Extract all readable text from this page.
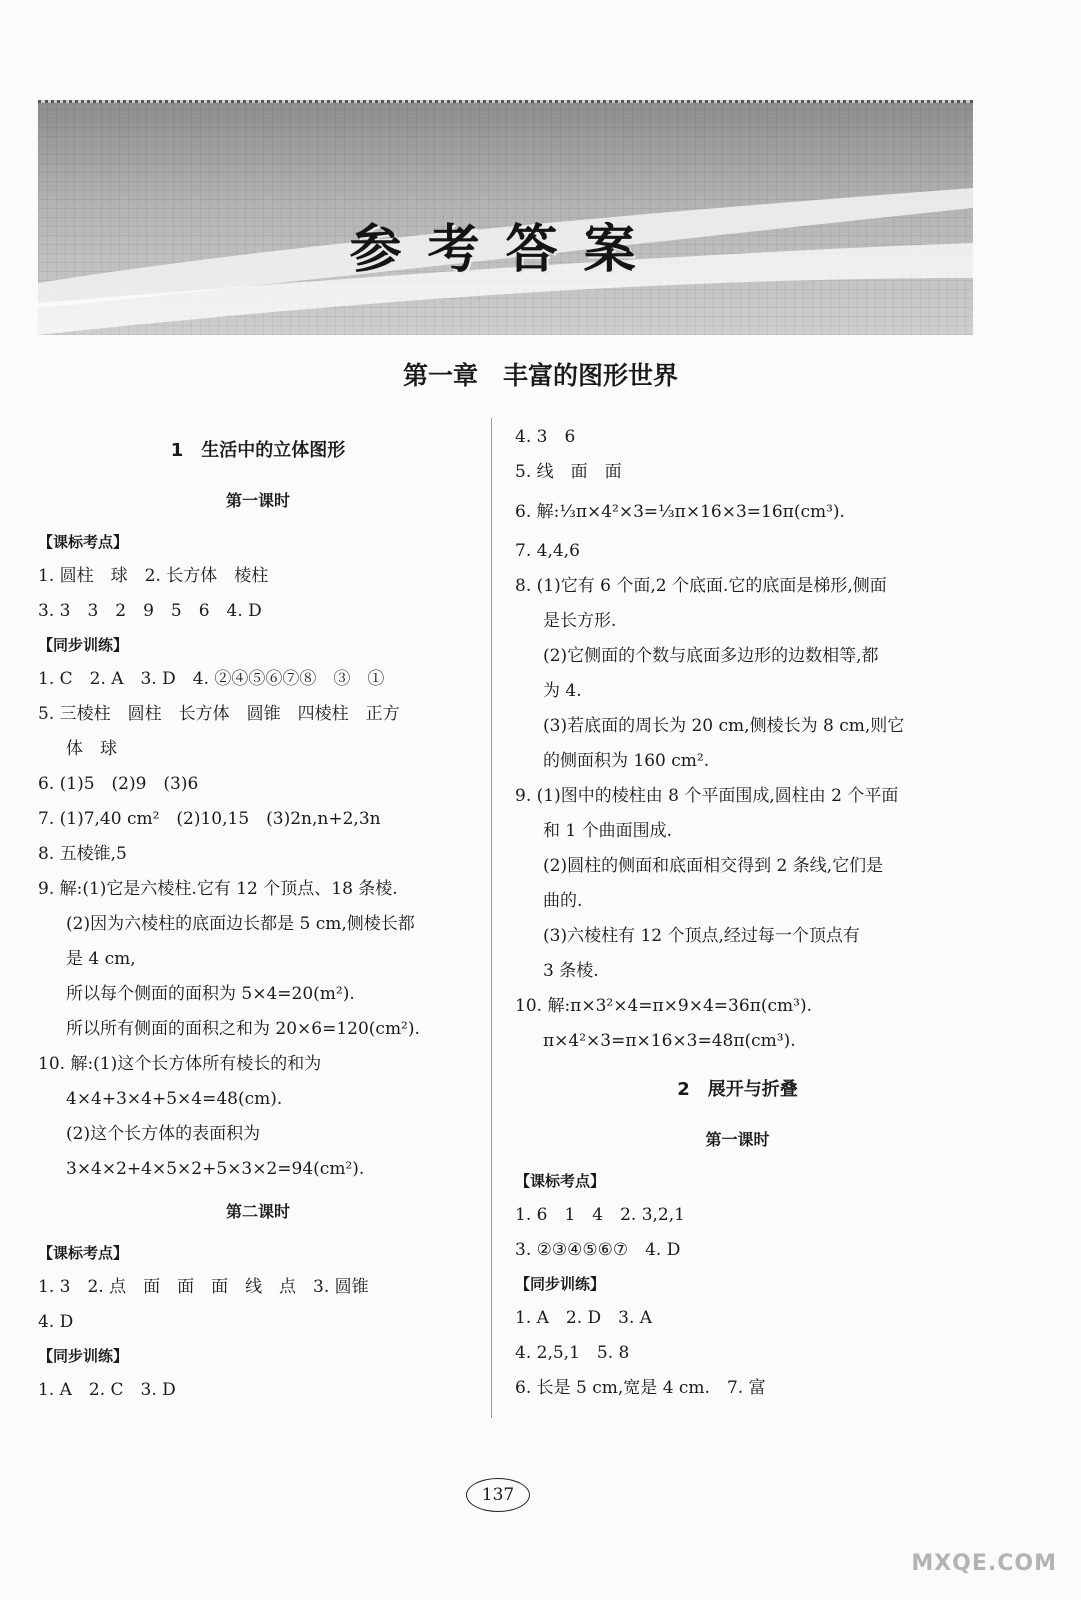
参考答案
第一章　丰富的图形世界
1　生活中的立体图形
第一课时
【课标考点】
1. 圆柱　球　2. 长方体　棱柱
3. 3　3　2　9　5　6　4. D
【同步训练】
1. C　2. A　3. D　4. ②④⑤⑥⑦⑧　③　①
5. 三棱柱　圆柱　长方体　圆锥　四棱柱　正方
体　球
6. (1)5　(2)9　(3)6
7. (1)7,40 cm²　(2)10,15　(3)2n,n+2,3n
8. 五棱锥,5
9. 解:(1)它是六棱柱.它有 12 个顶点、18 条棱.
(2)因为六棱柱的底面边长都是 5 cm,侧棱长都
是 4 cm,
所以每个侧面的面积为 5×4=20(m²).
所以所有侧面的面积之和为 20×6=120(cm²).
10. 解:(1)这个长方体所有棱长的和为
4×4+3×4+5×4=48(cm).
(2)这个长方体的表面积为
3×4×2+4×5×2+5×3×2=94(cm²).
第二课时
【课标考点】
1. 3　2. 点　面　面　面　线　点　3. 圆锥
4. D
【同步训练】
1. A　2. C　3. D
4. 3　6
5. 线　面　面
6. 解:⅓π×4²×3=⅓π×16×3=16π(cm³).
7. 4,4,6
8. (1)它有 6 个面,2 个底面.它的底面是梯形,侧面
是长方形.
(2)它侧面的个数与底面多边形的边数相等,都
为 4.
(3)若底面的周长为 20 cm,侧棱长为 8 cm,则它
的侧面积为 160 cm².
9. (1)图中的棱柱由 8 个平面围成,圆柱由 2 个平面
和 1 个曲面围成.
(2)圆柱的侧面和底面相交得到 2 条线,它们是
曲的.
(3)六棱柱有 12 个顶点,经过每一个顶点有
3 条棱.
10. 解:π×3²×4=π×9×4=36π(cm³).
π×4²×3=π×16×3=48π(cm³).
2　展开与折叠
第一课时
【课标考点】
1. 6　1　4　2. 3,2,1
3. ②③④⑤⑥⑦　4. D
【同步训练】
1. A　2. D　3. A
4. 2,5,1　5. 8
6. 长是 5 cm,宽是 4 cm.　7. 富
137
MXQE.COM
